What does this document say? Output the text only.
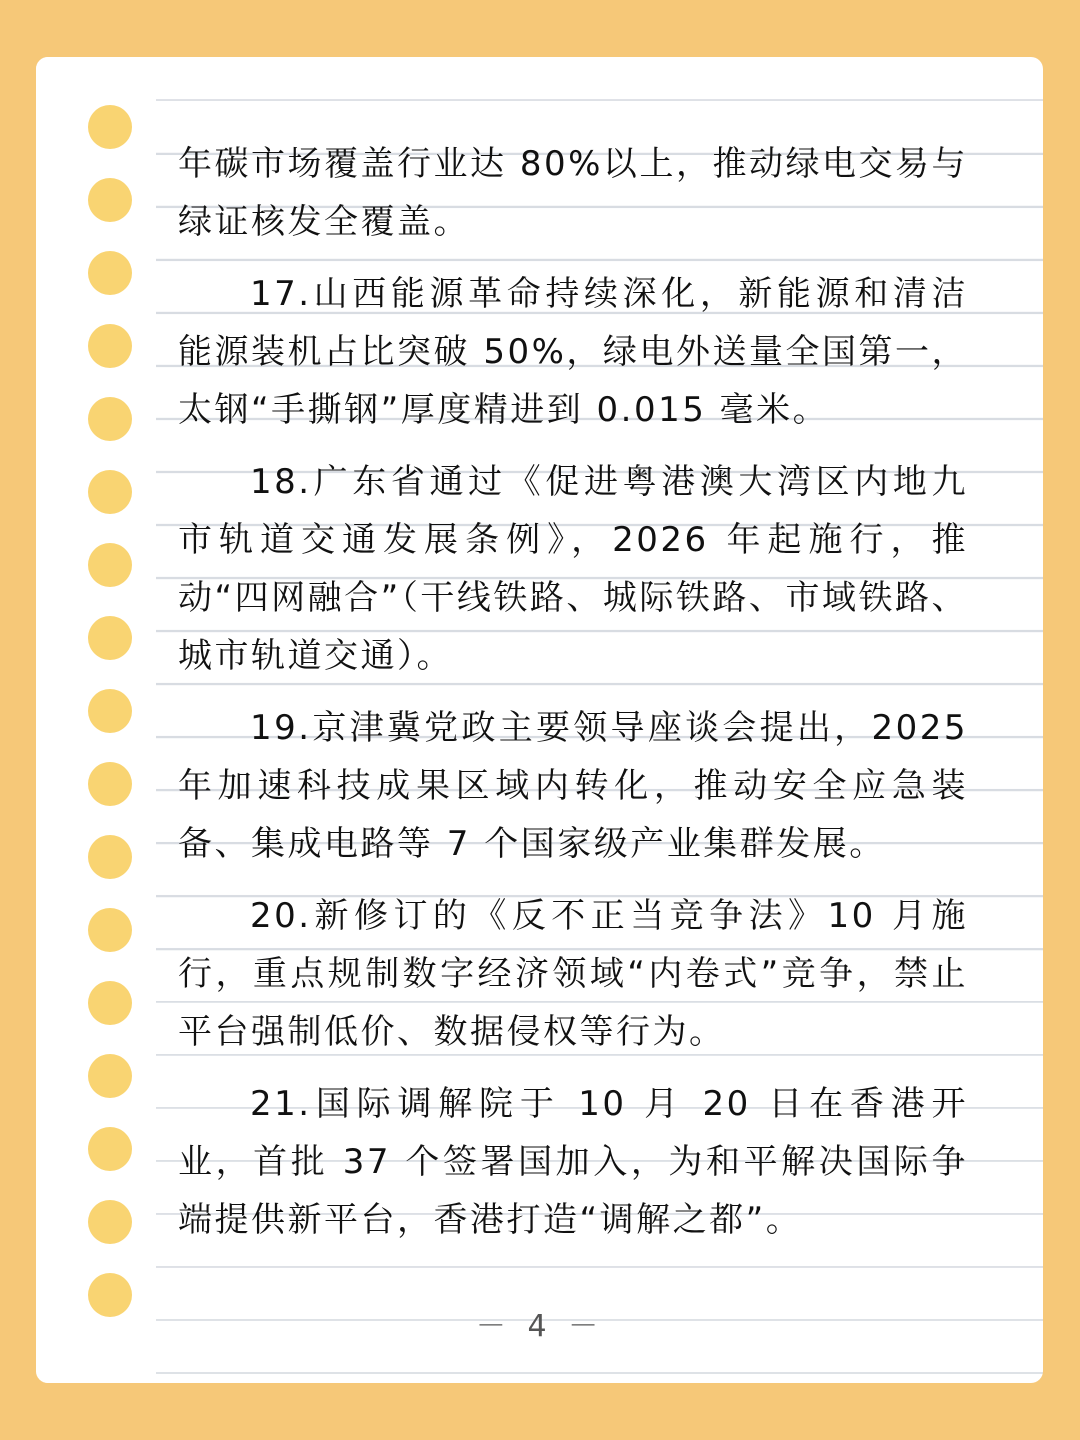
年碳市场覆盖行业达 80%以上，推动绿电交易与绿证核发全覆盖。

17.山西能源革命持续深化，新能源和清洁能源装机占比突破 50%，绿电外送量全国第一，太钢“手撕钢”厚度精进到 0.015 毫米。

18.广东省通过《促进粤港澳大湾区内地九市轨道交通发展条例》，2026 年起施行，推动“四网融合”（干线铁路、城际铁路、市域铁路、城市轨道交通）。

19.京津冀党政主要领导座谈会提出，2025 年加速科技成果区域内转化，推动安全应急装备、集成电路等 7 个国家级产业集群发展。

20.新修订的《反不正当竞争法》10 月施行，重点规制数字经济领域“内卷式”竞争，禁止平台强制低价、数据侵权等行为。

21.国际调解院于 10 月 20 日在香港开业，首批 37 个签署国加入，为和平解决国际争端提供新平台，香港打造“调解之都”。

－ 4 －
